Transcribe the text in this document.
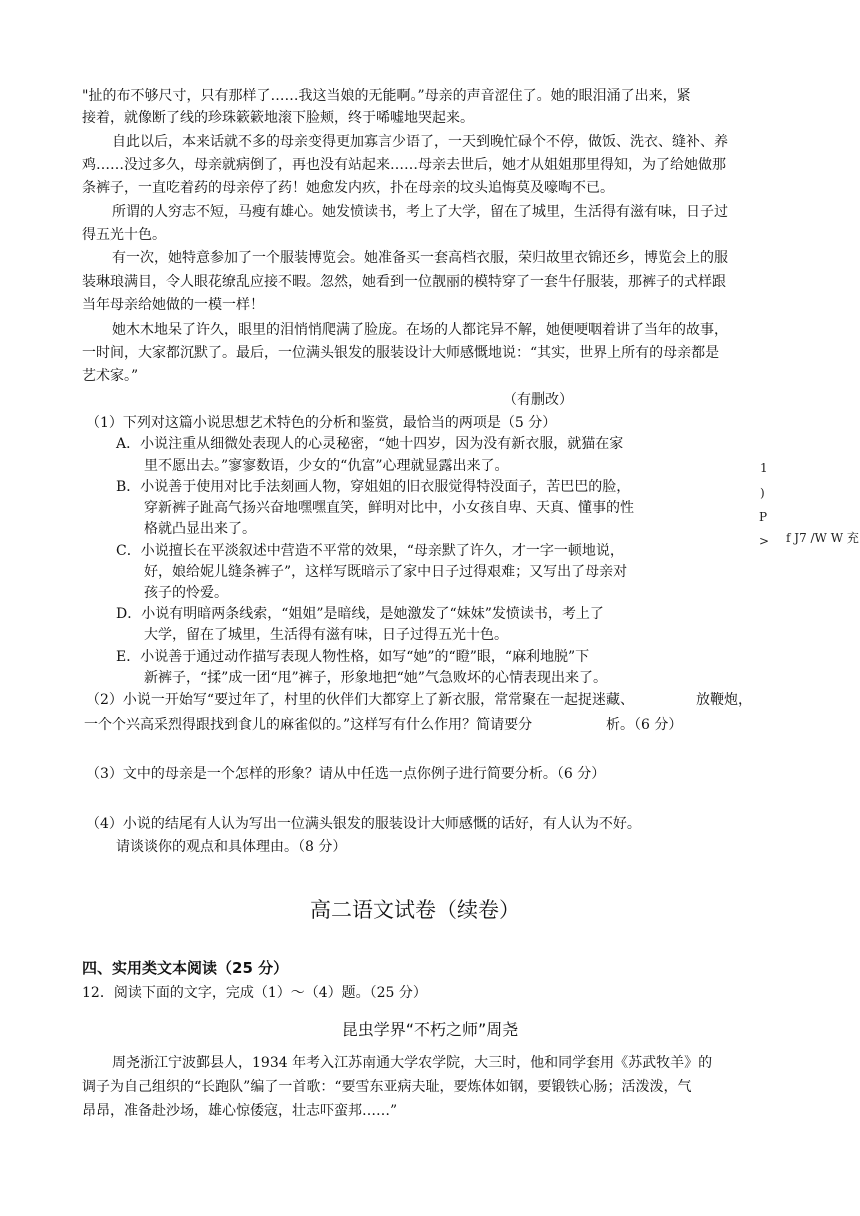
"扯的布不够尺寸，只有那样了……我这当娘的无能啊。”母亲的声音涩住了。她的眼泪涌了出来，紧
接着，就像断了线的珍珠簌簌地滚下脸颊，终于唏嘘地哭起来。
自此以后，本来话就不多的母亲变得更加寡言少语了，一天到晚忙碌个不停，做饭、洗衣、缝补、养
鸡……没过多久，母亲就病倒了，再也没有站起来……母亲去世后，她才从姐姐那里得知，为了给她做那
条裤子，一直吃着药的母亲停了药！她愈发内疚，扑在母亲的坟头追悔莫及嚎啕不已。
所谓的人穷志不短，马瘦有雄心。她发愤读书，考上了大学，留在了城里，生活得有滋有味，日子过
得五光十色。
有一次，她特意参加了一个服装博览会。她准备买一套高档衣服，荣归故里衣锦还乡，博览会上的服
装琳琅满目，令人眼花缭乱应接不暇。忽然，她看到一位靓丽的模特穿了一套牛仔服装，那裤子的式样跟
当年母亲给她做的一模一样！
她木木地呆了许久，眼里的泪悄悄爬满了脸庞。在场的人都诧异不解，她便哽咽着讲了当年的故事，
一时间，大家都沉默了。最后，一位满头银发的服装设计大师感慨地说：“其实，世界上所有的母亲都是
艺术家。”
（有删改）
（1）下列对这篇小说思想艺术特色的分析和鉴赏，最恰当的两项是（5 分）
A．小说注重从细微处表现人的心灵秘密，“她十四岁，因为没有新衣服，就猫在家
里不愿出去。”寥寥数语，少女的“仇富”心理就显露出来了。
B．小说善于使用对比手法刻画人物，穿姐姐的旧衣服觉得特没面子，苦巴巴的脸，
穿新裤子趾高气扬兴奋地嘿嘿直笑，鲜明对比中，小女孩自卑、天真、懂事的性
格就凸显出来了。
C．小说擅长在平淡叙述中营造不平常的效果，“母亲默了许久，才一字一顿地说，
好，娘给妮儿缝条裤子”，这样写既暗示了家中日子过得艰难；又写出了母亲对
孩子的怜爱。
D．小说有明暗两条线索，“姐姐”是暗线，是她激发了“妹妹”发愤读书，考上了
大学，留在了城里，生活得有滋有味，日子过得五光十色。
E．小说善于通过动作描写表现人物性格，如写“她”的“瞪”眼，“麻利地脱”下
新裤子，“揉”成一团“甩”裤子，形象地把“她”气急败坏的心情表现出来了。
1
)
P
> f J7 /W W 充
（2）小说一开始写“要过年了，村里的伙伴们大都穿上了新衣服，常常聚在一起捉迷藏、	放鞭炮，
一个个兴高采烈得跟找到食儿的麻雀似的。”这样写有什么作用？简请要分	析。（6 分）
（3）文中的母亲是一个怎样的形象？请从中任选一点你例子进行简要分析。（6 分）
（4）小说的结尾有人认为写出一位满头银发的服装设计大师感慨的话好，有人认为不好。
请谈谈你的观点和具体理由。（8 分）
高二语文试卷（续卷）
四、实用类文本阅读（25 分）
12．阅读下面的文字，完成（1）～（4）题。（25 分）
昆虫学界“不朽之师”周尧
周尧浙江宁波鄞县人，1934 年考入江苏南通大学农学院，大三时，他和同学套用《苏武牧羊》的
调子为自己组织的“长跑队”编了一首歌：“要雪东亚病夫耻，要炼体如钢，要锻铁心肠；活泼泼，气
昂昂，准备赴沙场，雄心惊倭寇，壮志吓蛮邦……”
